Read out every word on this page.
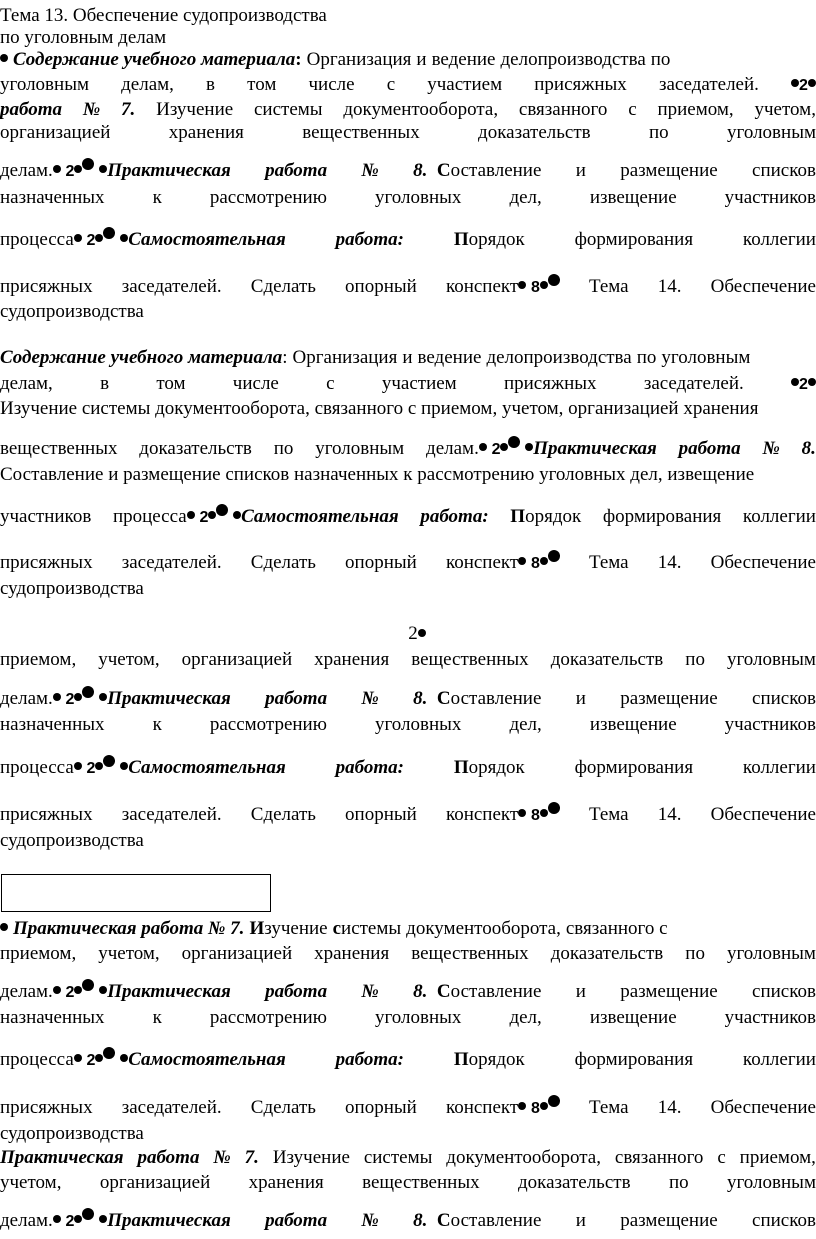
Тема 13. Обеспечение судопроизводства
по уголовным делам
Содержание учебного материала : Организация и ведение делопроизводства по
уголовным делам, в том числе с участием присяжных заседателей.	2
работа № 7. Изучение системы документооборота, связанного с приемом, учетом,
организацией	хранения	вещественных	доказательств	по	уголовным
делам. 2 Практическая работа № 8. Составление и размещение списков
назначенных	к	рассмотрению	уголовных	дел,	извещение	участников
процесса 2 Самостоятельная	работа:	Порядок	формирования	коллегии
присяжных заседателей. Сделать опорный конспект 8	Тема 14. Обеспечение
судопроизводства
Содержание учебного материала: Организация и ведение делопроизводства по уголовным
делам, в том числе с участием присяжных заседателей.	2
Изучение системы документооборота, связанного с приемом, учетом, организацией хранения
вещественных доказательств по уголовным делам. 2 Практическая работа № 8.
Составление и размещение списков назначенных к рассмотрению уголовных дел, извещение
участников процесса 2 Самостоятельная работа: Порядок формирования коллегии
присяжных заседателей. Сделать опорный конспект 8	Тема 14. Обеспечение
судопроизводства
2
приемом, учетом, организацией хранения вещественных доказательств по уголовным
делам. 2 Практическая работа № 8. Составление и размещение списков
назначенных	к	рассмотрению	уголовных	дел,	извещение	участников
процесса 2 Самостоятельная	работа:	Порядок	формирования	коллегии
присяжных заседателей. Сделать опорный конспект 8	Тема 14. Обеспечение
судопроизводства
Практическая работа № 7. Изучение системы документооборота, связанного с
приемом, учетом, организацией хранения вещественных доказательств по уголовным
делам. 2 Практическая работа № 8. Составление и размещение списков
назначенных	к	рассмотрению	уголовных	дел,	извещение	участников
процесса 2 Самостоятельная	работа:	Порядок	формирования	коллегии
присяжных заседателей. Сделать опорный конспект 8	Тема 14. Обеспечение
судопроизводства
Практическая работа № 7. Изучение системы документооборота, связанного с приемом,
учетом, организацией хранения вещественных доказательств по уголовным
делам. 2 Практическая работа № 8. Составление и размещение списков
